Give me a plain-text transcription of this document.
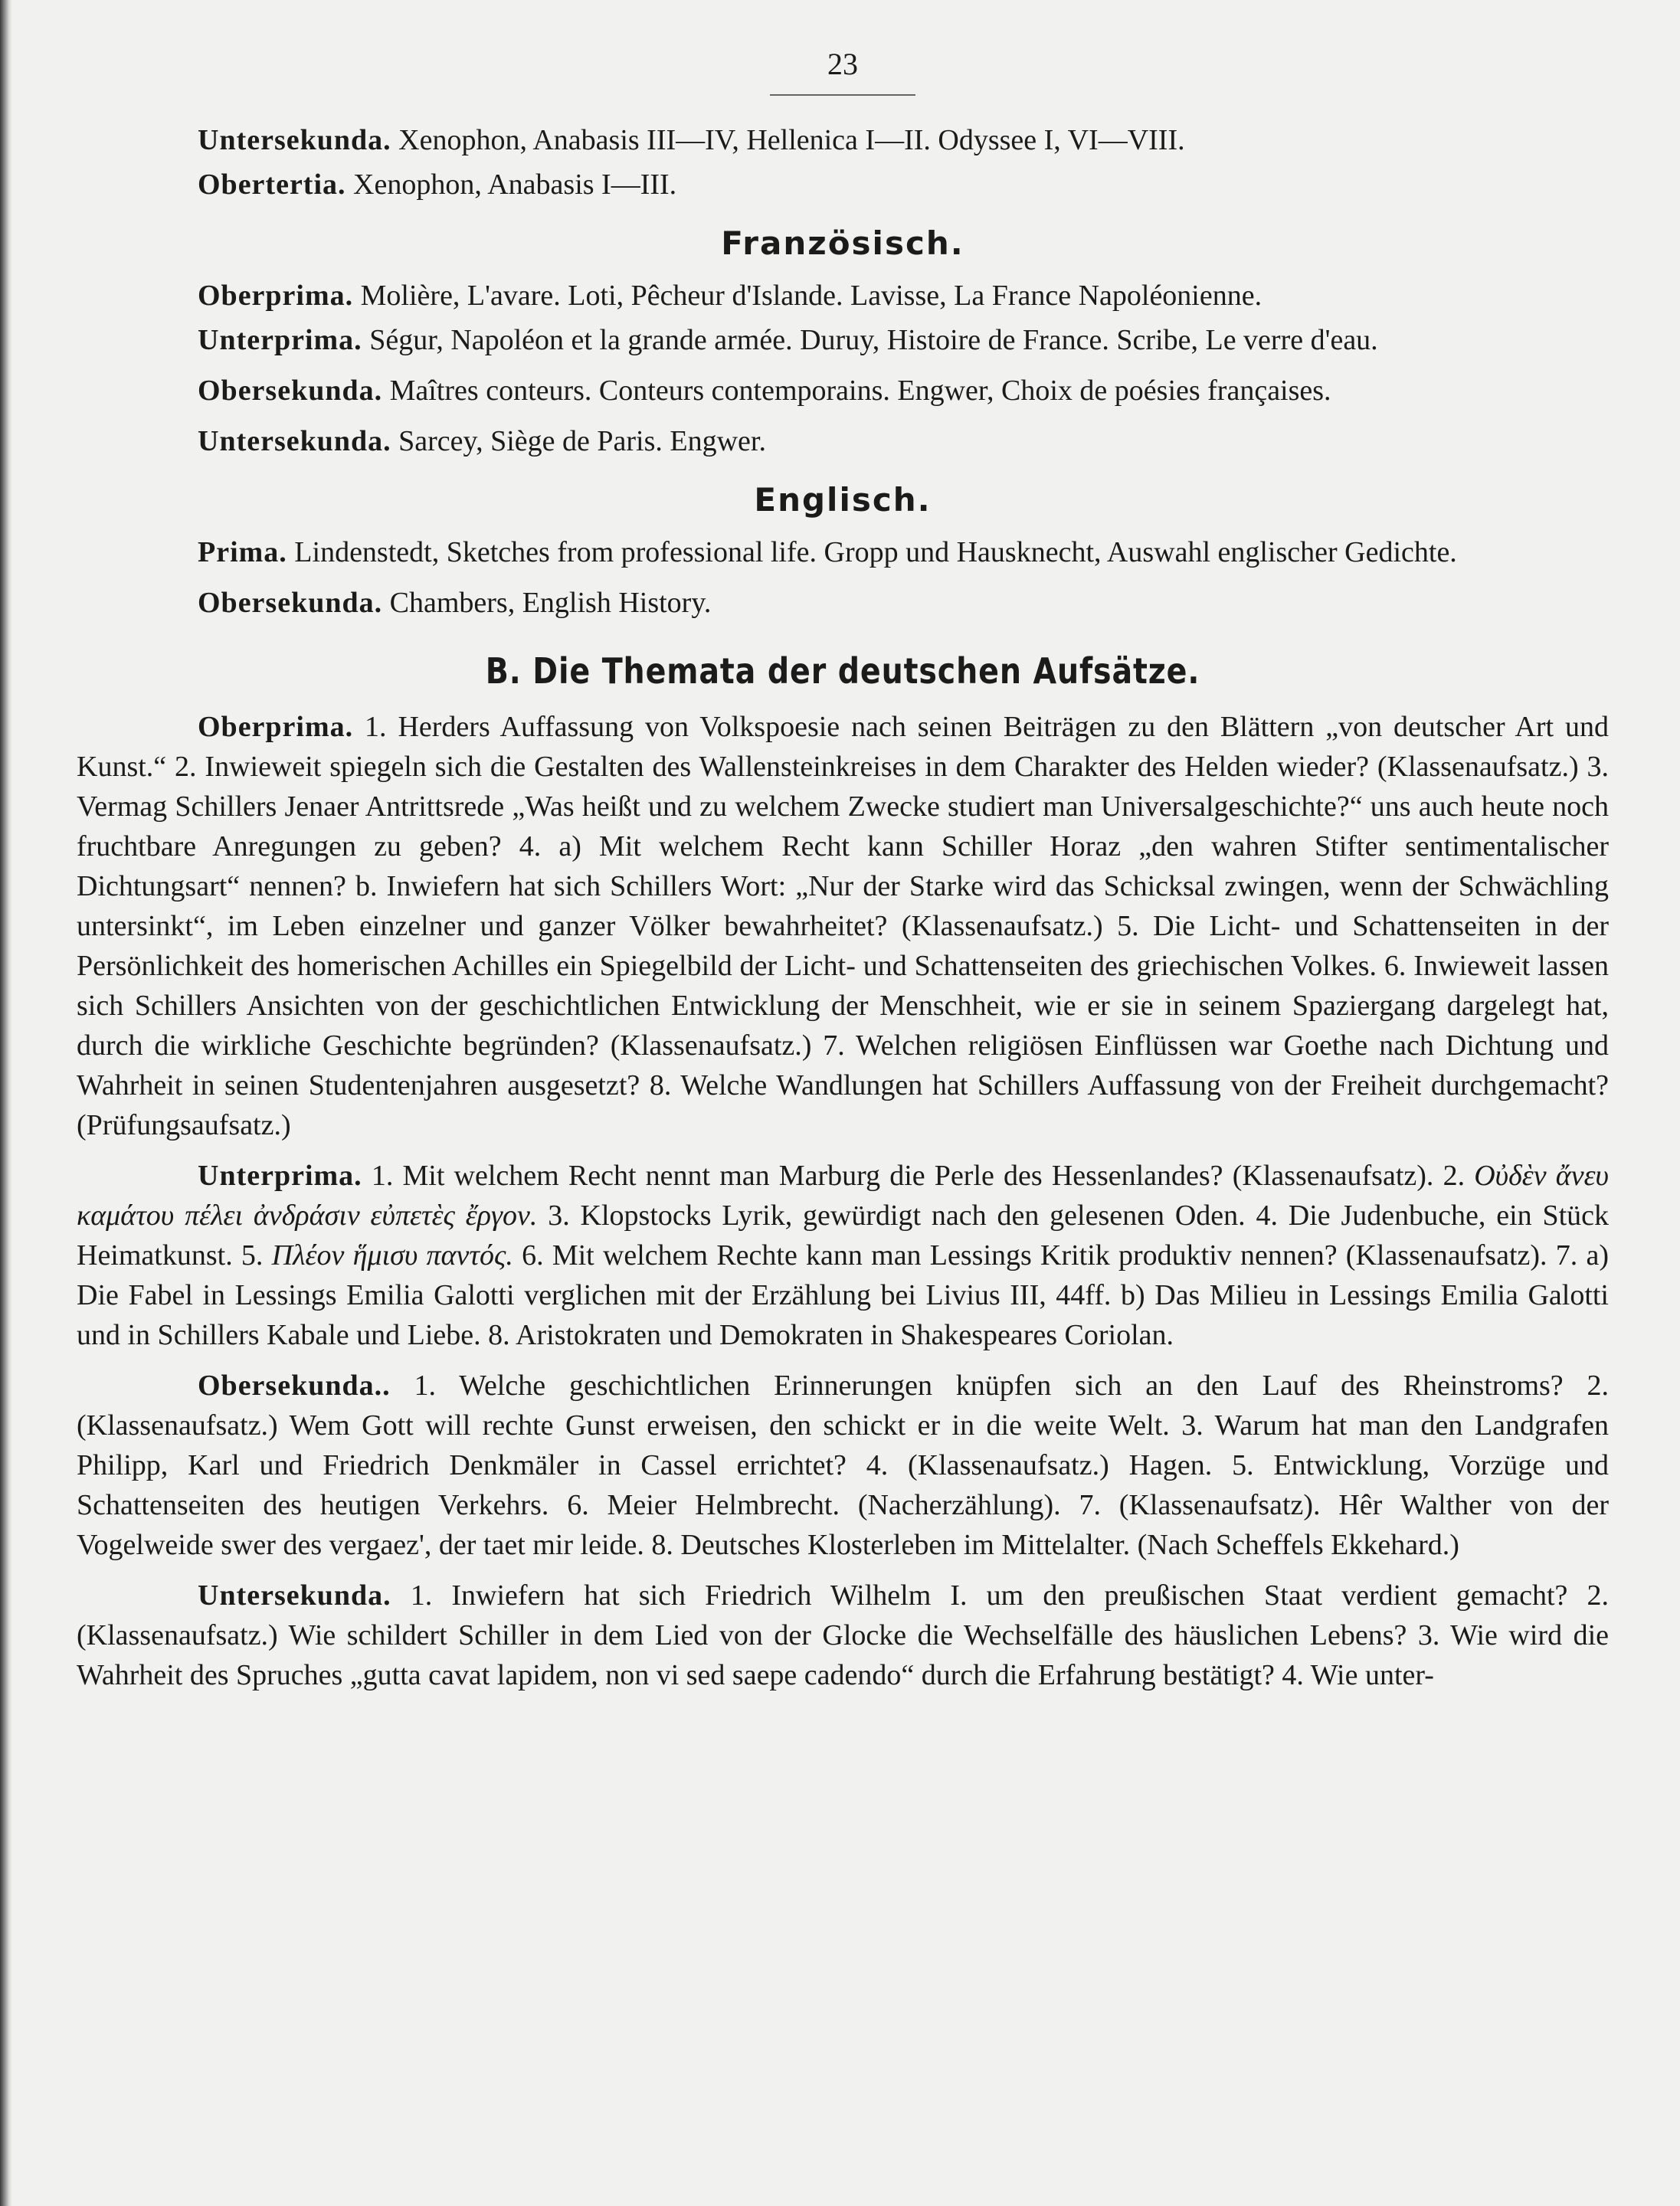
23

Untersekunda. Xenophon, Anabasis III—IV, Hellenica I—II. Odyssee I, VI—VIII.

Obertertia. Xenophon, Anabasis I—III.

Französisch.

Oberprima. Molière, L'avare. Loti, Pêcheur d'Islande. Lavisse, La France Napoléonienne.

Unterprima. Ségur, Napoléon et la grande armée. Duruy, Histoire de France. Scribe, Le verre d'eau.

Obersekunda. Maîtres conteurs. Conteurs contemporains. Engwer, Choix de poésies françaises.

Untersekunda. Sarcey, Siège de Paris. Engwer.

Englisch.

Prima. Lindenstedt, Sketches from professional life. Gropp und Hausknecht, Auswahl englischer Gedichte.

Obersekunda. Chambers, English History.

B. Die Themata der deutschen Aufsätze.

Oberprima. 1. Herders Auffassung von Volkspoesie nach seinen Beiträgen zu den Blättern „von deutscher Art und Kunst.“ 2. Inwieweit spiegeln sich die Gestalten des Wallensteinkreises in dem Charakter des Helden wieder? (Klassenaufsatz.) 3. Vermag Schillers Jenaer Antrittsrede „Was heißt und zu welchem Zwecke studiert man Universalgeschichte?“ uns auch heute noch fruchtbare Anregungen zu geben? 4. a) Mit welchem Recht kann Schiller Horaz „den wahren Stifter sentimentalischer Dichtungsart“ nennen? b. Inwiefern hat sich Schillers Wort: „Nur der Starke wird das Schicksal zwingen, wenn der Schwächling untersinkt“, im Leben einzelner und ganzer Völker bewahrheitet? (Klassenaufsatz.) 5. Die Licht- und Schattenseiten in der Persönlichkeit des homerischen Achilles ein Spiegelbild der Licht- und Schattenseiten des griechischen Volkes. 6. Inwieweit lassen sich Schillers Ansichten von der geschichtlichen Entwicklung der Menschheit, wie er sie in seinem Spaziergang dargelegt hat, durch die wirkliche Geschichte begründen? (Klassenaufsatz.) 7. Welchen religiösen Einflüssen war Goethe nach Dichtung und Wahrheit in seinen Studentenjahren ausgesetzt? 8. Welche Wandlungen hat Schillers Auffassung von der Freiheit durchgemacht? (Prüfungsaufsatz.)

Unterprima. 1. Mit welchem Recht nennt man Marburg die Perle des Hessenlandes? (Klassenaufsatz). 2. Οὐδὲν ἄνευ καμάτου πέλει ἀνδράσιν εὐπετὲς ἔργον. 3. Klopstocks Lyrik, gewürdigt nach den gelesenen Oden. 4. Die Judenbuche, ein Stück Heimatkunst. 5. Πλέον ἥμισυ παντός. 6. Mit welchem Rechte kann man Lessings Kritik produktiv nennen? (Klassenaufsatz). 7. a) Die Fabel in Lessings Emilia Galotti verglichen mit der Erzählung bei Livius III, 44ff. b) Das Milieu in Lessings Emilia Galotti und in Schillers Kabale und Liebe. 8. Aristokraten und Demokraten in Shakespeares Coriolan.

Obersekunda.. 1. Welche geschichtlichen Erinnerungen knüpfen sich an den Lauf des Rheinstroms? 2. (Klassenaufsatz.) Wem Gott will rechte Gunst erweisen, den schickt er in die weite Welt. 3. Warum hat man den Landgrafen Philipp, Karl und Friedrich Denkmäler in Cassel errichtet? 4. (Klassenaufsatz.) Hagen. 5. Entwicklung, Vorzüge und Schattenseiten des heutigen Verkehrs. 6. Meier Helmbrecht. (Nacherzählung). 7. (Klassenaufsatz). Hêr Walther von der Vogelweide swer des vergaez', der taet mir leide. 8. Deutsches Klosterleben im Mittelalter. (Nach Scheffels Ekkehard.)

Untersekunda. 1. Inwiefern hat sich Friedrich Wilhelm I. um den preußischen Staat verdient gemacht? 2. (Klassenaufsatz.) Wie schildert Schiller in dem Lied von der Glocke die Wechselfälle des häuslichen Lebens? 3. Wie wird die Wahrheit des Spruches „gutta cavat lapidem, non vi sed saepe cadendo“ durch die Erfahrung bestätigt? 4. Wie unter-
